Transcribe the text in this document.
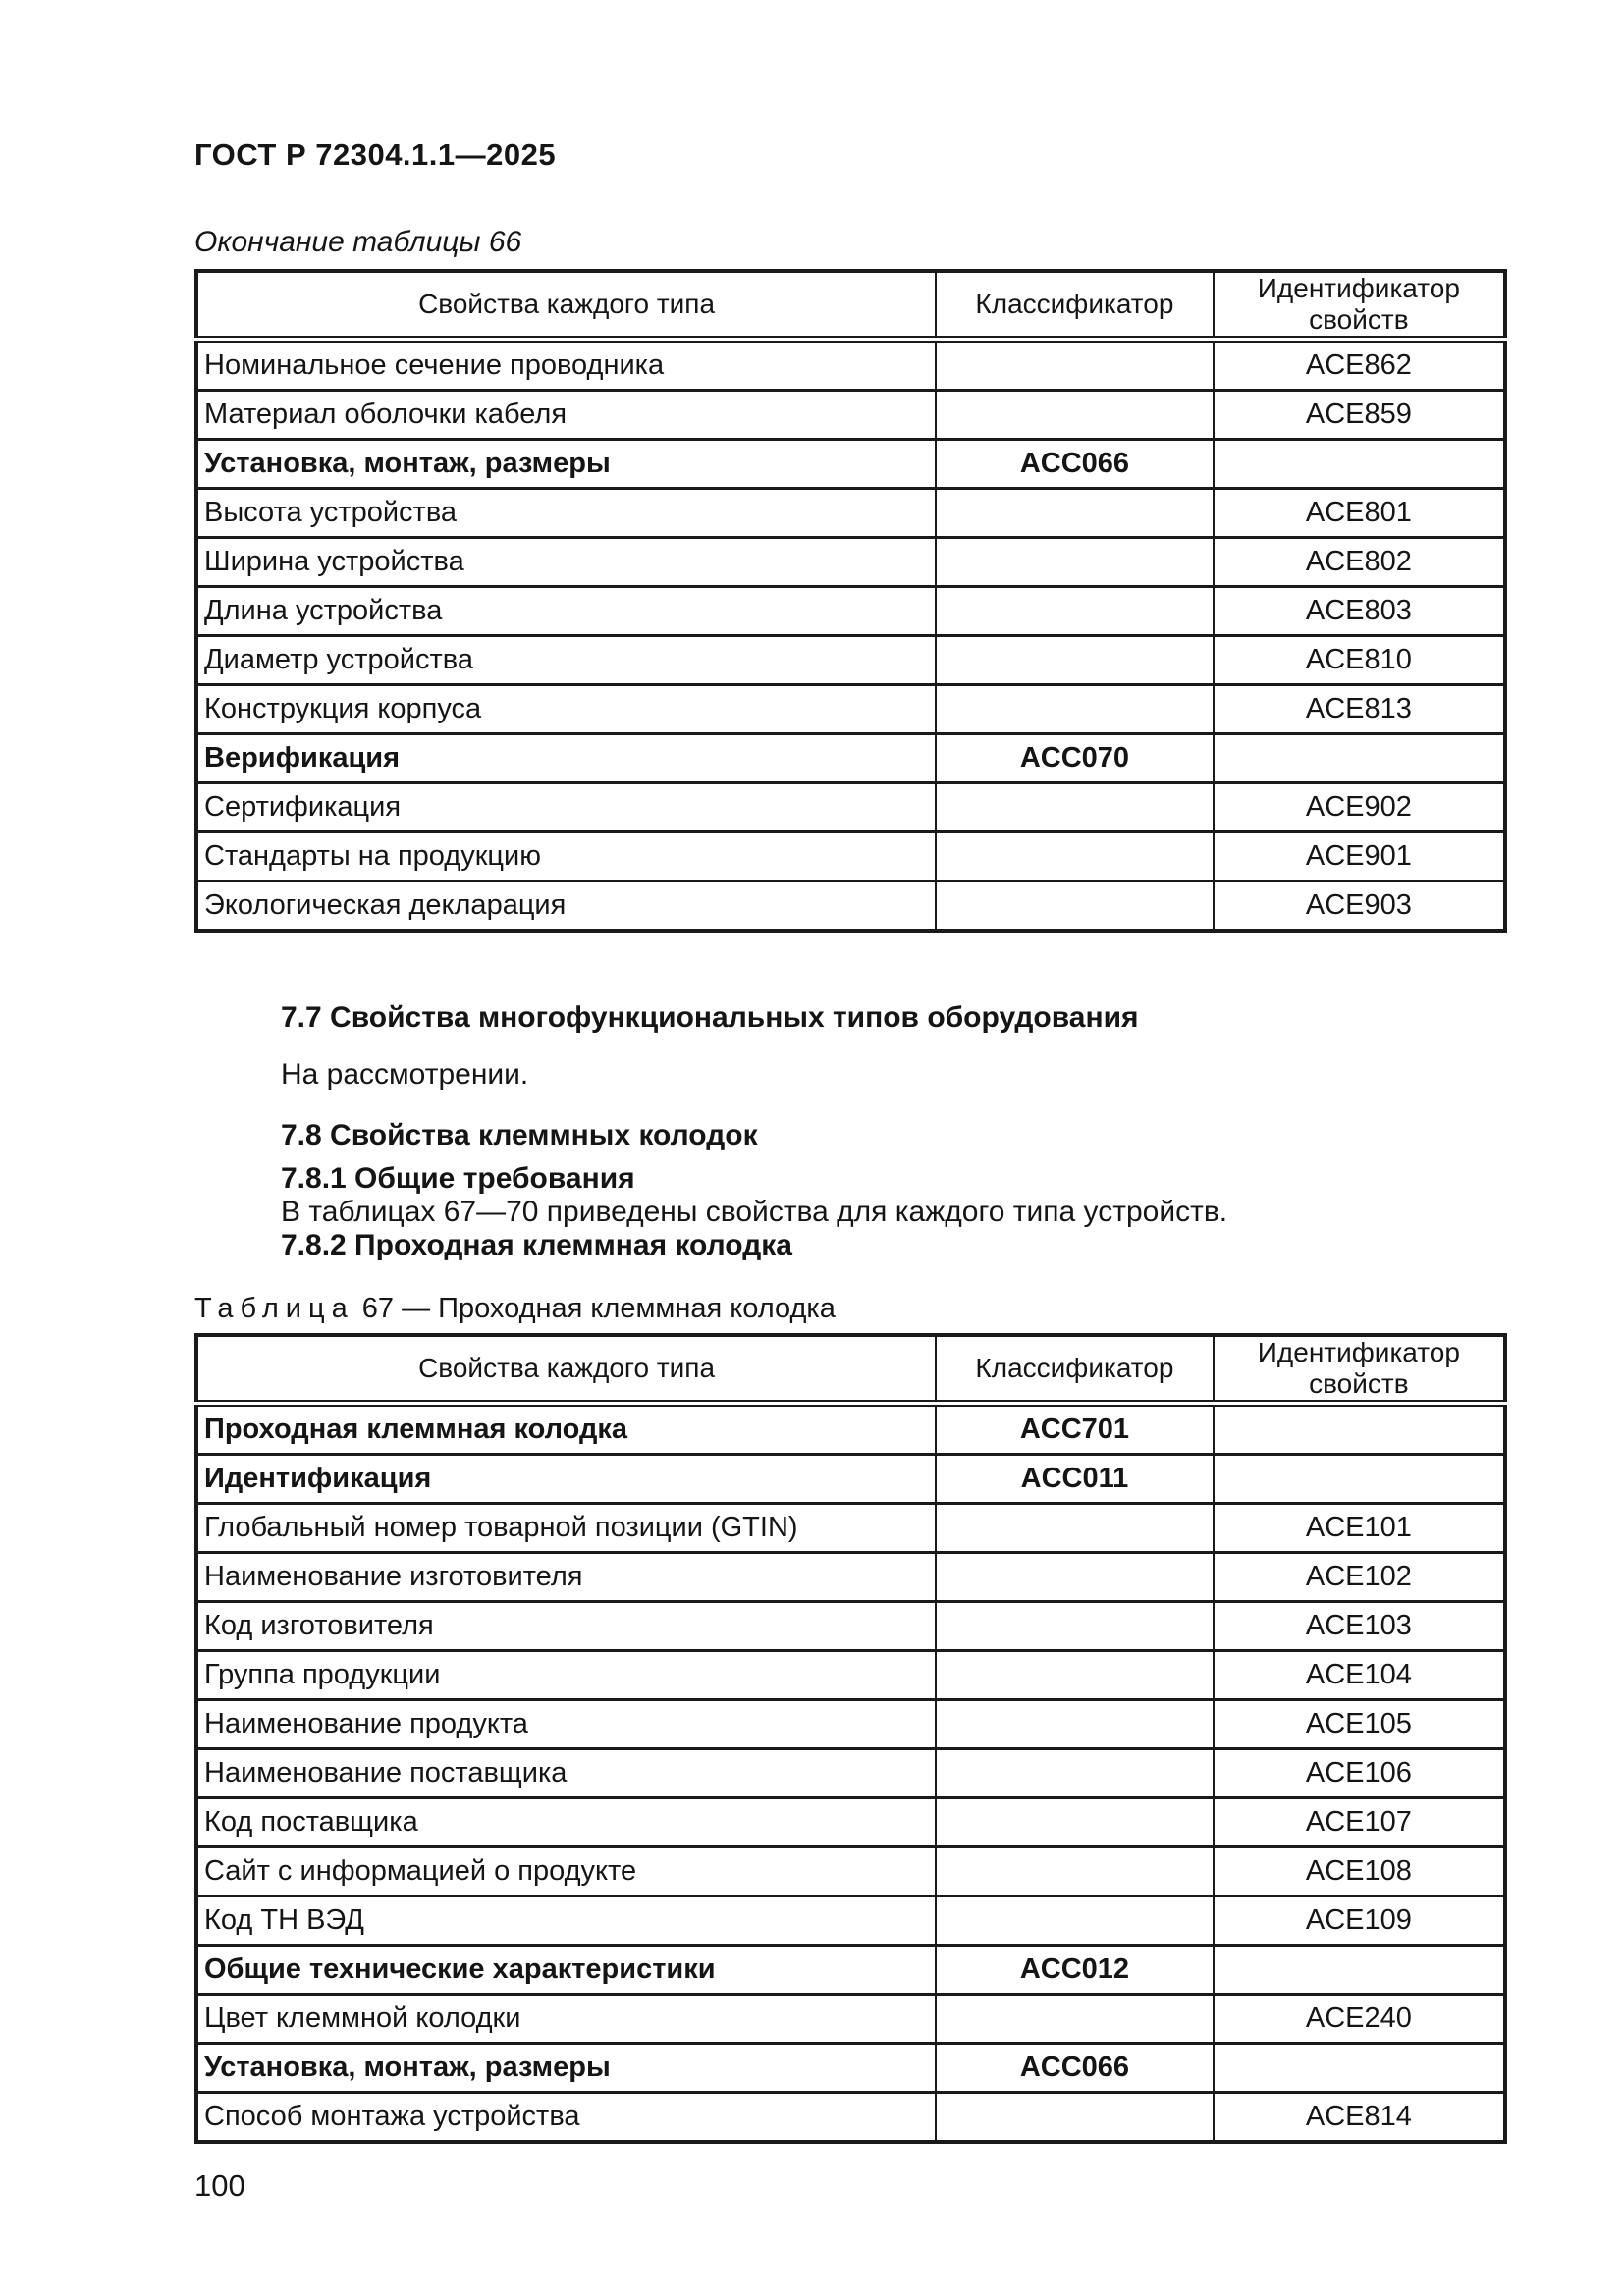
ГОСТ Р 72304.1.1—2025
Окончание таблицы 66
Свойства каждого типа	Классификатор	Идентификатор свойств
Номинальное сечение проводника		ACE862
Материал оболочки кабеля		ACE859
Установка, монтаж, размеры	ACC066	
Высота устройства		ACE801
Ширина устройства		ACE802
Длина устройства		ACE803
Диаметр устройства		ACE810
Конструкция корпуса		ACE813
Верификация	ACC070	
Сертификация		ACE902
Стандарты на продукцию		ACE901
Экологическая декларация		ACE903
7.7 Свойства многофункциональных типов оборудования
На рассмотрении.
7.8 Свойства клеммных колодок
7.8.1 Общие требования
В таблицах 67—70 приведены свойства для каждого типа устройств.
7.8.2 Проходная клеммная колодка
Таблица 67 — Проходная клеммная колодка
Свойства каждого типа	Классификатор	Идентификатор свойств
Проходная клеммная колодка	ACC701	
Идентификация	ACC011	
Глобальный номер товарной позиции (GTIN)		ACE101
Наименование изготовителя		ACE102
Код изготовителя		ACE103
Группа продукции		ACE104
Наименование продукта		ACE105
Наименование поставщика		ACE106
Код поставщика		ACE107
Сайт с информацией о продукте		ACE108
Код ТН ВЭД		ACE109
Общие технические характеристики	ACC012	
Цвет клеммной колодки		ACE240
Установка, монтаж, размеры	ACC066	
Способ монтажа устройства		ACE814
100
